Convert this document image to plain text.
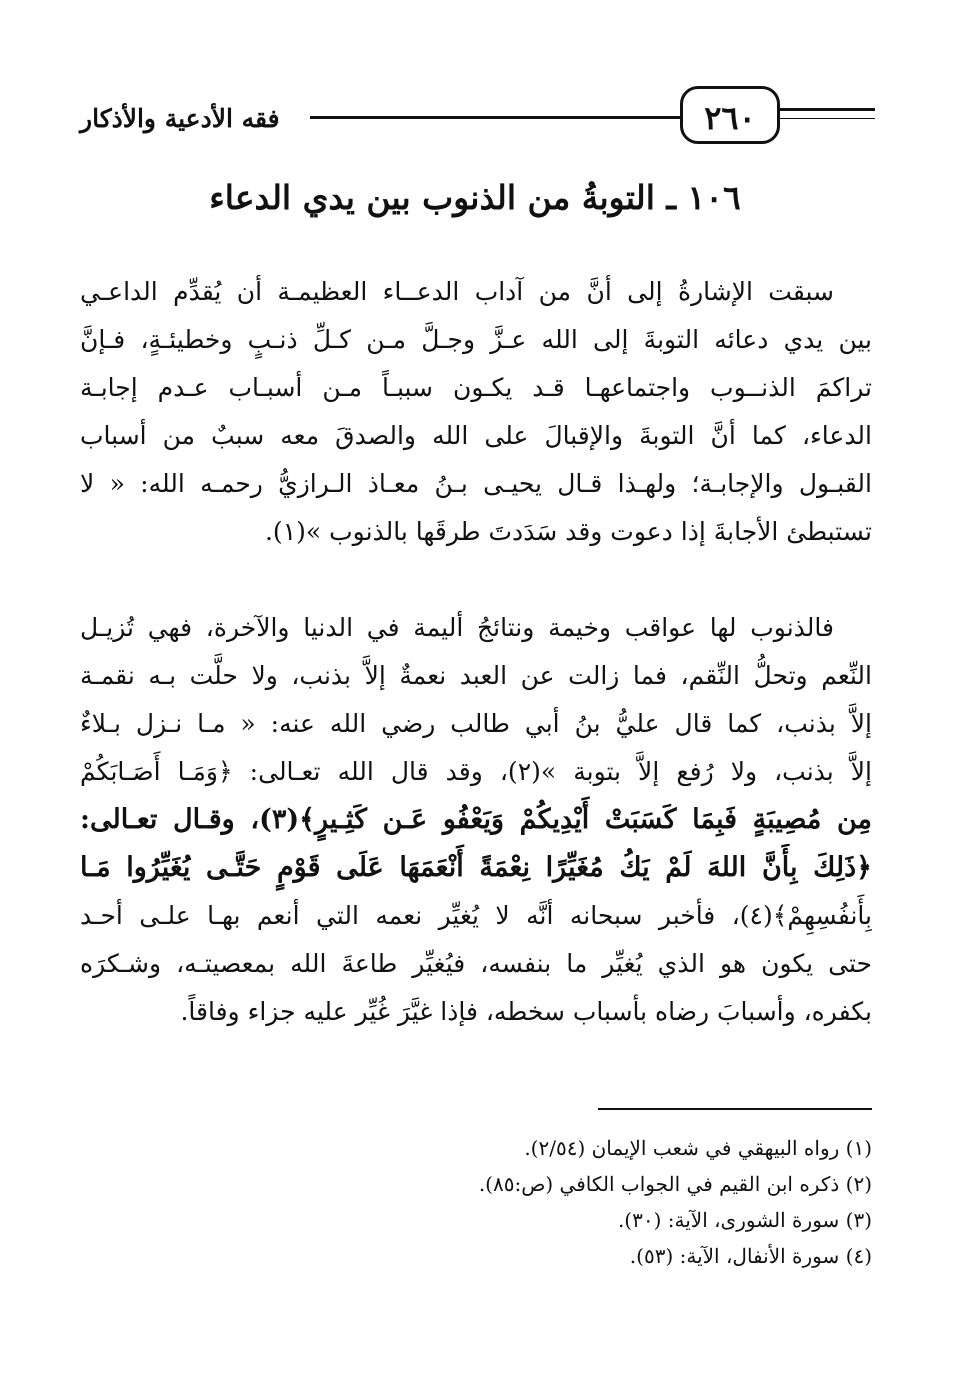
فقه الأدعية والأذكار	٢٦٠
١٠٦ ـ التوبةُ من الذنوب بين يدي الدعاء
سبقت الإشارةُ إلى أنَّ من آداب الدعــاء العظيمـة أن يُقدِّم الداعـي
بين يدي دعائه التوبةَ إلى الله عـزَّ وجـلَّ مـن كـلِّ ذنـبٍ وخطيئـةٍ، فـإنَّ
تراكمَ الذنــوب واجتماعهـا قـد يكـون سببـاً مـن أسبـاب عـدم إجابـة
الدعاء، كما أنَّ التوبةَ والإقبالَ على الله والصدقَ معه سببٌ من أسباب
القبـول والإجابـة؛ ولهـذا قـال يحيـى بـنُ معـاذ الـرازيُّ رحمـه الله: « لا
تستبطئ الأجابةَ إذا دعوت وقد سَدَدتَ طرقَها بالذنوب »(١).
فالذنوب لها عواقب وخيمة ونتائجُ أليمة في الدنيا والآخرة، فهي تُزيـل
النِّعم وتحلُّ النِّقم، فما زالت عن العبد نعمةٌ إلاَّ بذنب، ولا حلَّت بـه نقمـة
إلاَّ بذنب، كما قال عليُّ بنُ أبي طالب رضي الله عنه: « مـا نـزل بـلاءٌ
إلاَّ بذنب، ولا رُفع إلاَّ بتوبة »(٢)، وقد قال الله تعـالى: ﴿وَمَـا أَصَـابَكُمْ
مِن مُصِيبَةٍ فَبِمَا كَسَبَتْ أَيْدِيكُمْ وَيَعْفُو عَـن كَثِـيرٍ﴾(٣)، وقـال تعـالى:
﴿ذَلِكَ بِأَنَّ اللهَ لَمْ يَكُ مُغَيِّرًا نِعْمَةً أَنْعَمَهَا عَلَى قَوْمٍ حَتَّـى يُغَيِّرُوا مَـا
بِأَنفُسِهِمْ﴾(٤)، فأخبر سبحانه أنَّه لا يُغيِّر نعمه التي أنعم بهـا علـى أحـد
حتى يكون هو الذي يُغيِّر ما بنفسه، فيُغيِّر طاعةَ الله بمعصيتـه، وشـكرَه
بكفره، وأسبابَ رضاه بأسباب سخطه، فإذا غيَّرَ غُيِّر عليه جزاء وفاقاً.
(١) رواه البيهقي في شعب الإيمان (٢/٥٤).
(٢) ذكره ابن القيم في الجواب الكافي (ص:٨٥).
(٣) سورة الشورى، الآية: (٣٠).
(٤) سورة الأنفال، الآية: (٥٣).
